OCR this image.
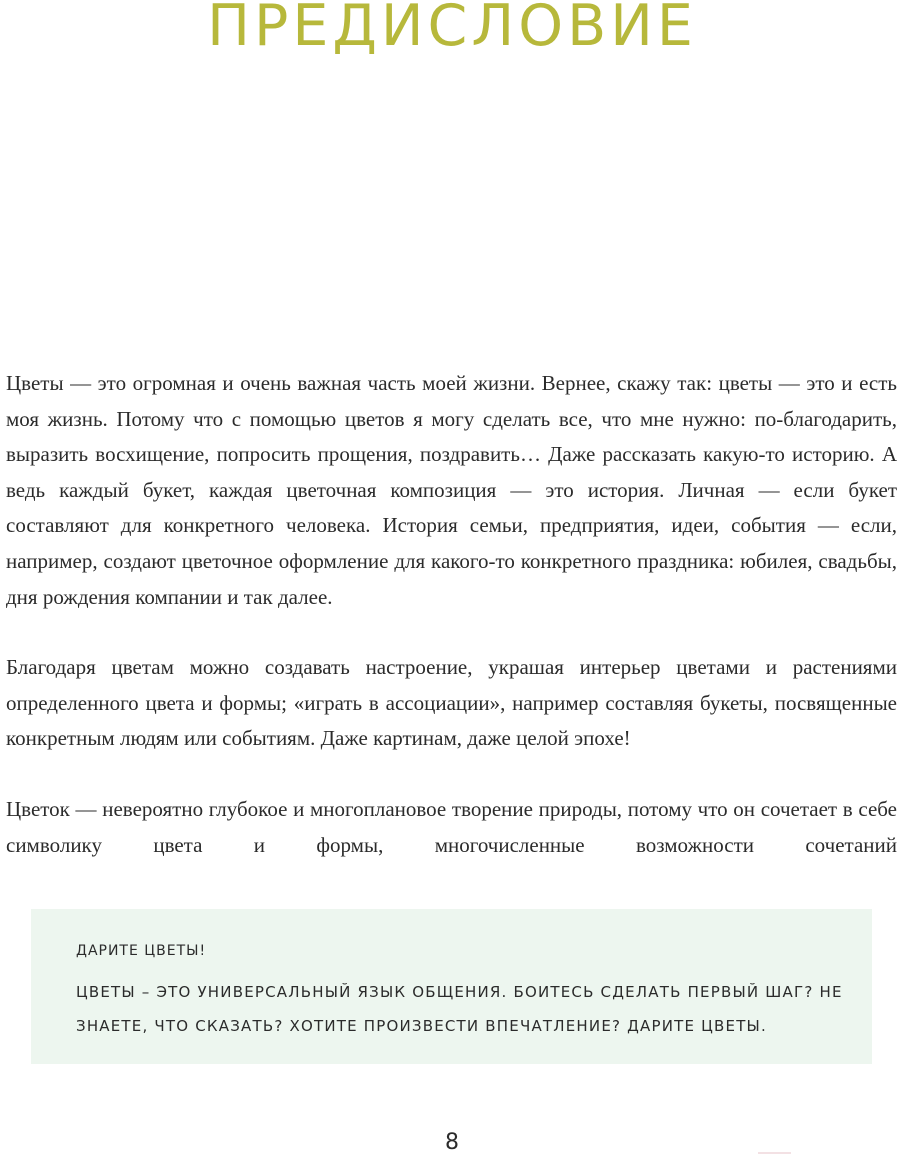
ПРЕДИСЛОВИЕ

Цветы — это огромная и очень важная часть моей жизни. Вернее, скажу так: цветы — это и есть моя жизнь. Потому что с помощью цветов я могу сделать все, что мне нужно: по-благодарить, выразить восхищение, попросить прощения, поздравить… Даже рассказать какую-то историю. А ведь каждый букет, каждая цветочная композиция — это история. Личная — если букет составляют для конкретного человека. История семьи, предприятия, идеи, события — если, например, создают цветочное оформление для какого-то конкретного праздника: юбилея, свадьбы, дня рождения компании и так далее.

Благодаря цветам можно создавать настроение, украшая интерьер цветами и растениями определенного цвета и формы; «играть в ассоциации», например составляя букеты, посвященные конкретным людям или событиям. Даже картинам, даже целой эпохе!

Цветок — невероятно глубокое и многоплановое творение природы, потому что он сочетает в себе символику цвета и формы, многочисленные возможности сочетаний

ДАРИТЕ ЦВЕТЫ!

ЦВЕТЫ – ЭТО УНИВЕРСАЛЬНЫЙ ЯЗЫК ОБЩЕНИЯ. БОИТЕСЬ СДЕЛАТЬ ПЕРВЫЙ ШАГ? НЕ ЗНАЕТЕ, ЧТО СКАЗАТЬ? ХОТИТЕ ПРОИЗВЕСТИ ВПЕЧАТЛЕНИЕ? ДАРИТЕ ЦВЕТЫ.

8
